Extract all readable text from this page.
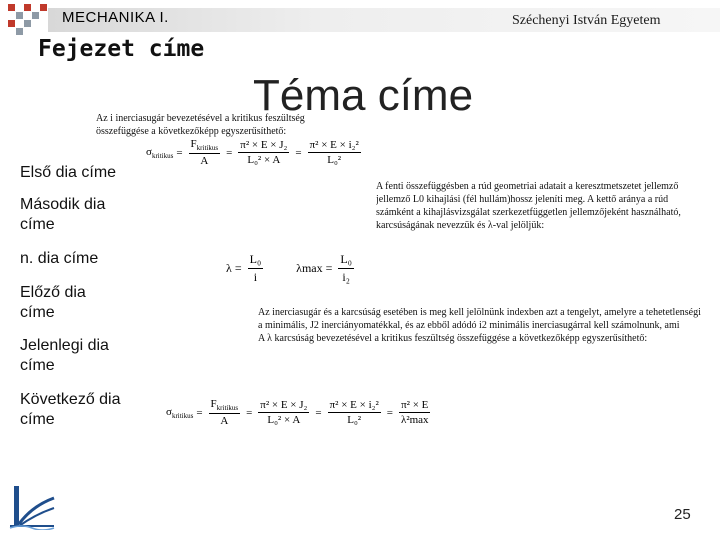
MECHANIKA I.	Széchenyi István Egyetem
Fejezet címe
Téma címe
Az i inerciasugár bevezetésével a kritikus feszültség
összefüggése a következőképp egyszerűsíthető:
$\sigma_{kritikus} = \frac{F_{kritikus}}{A} = \frac{\text{π² × E × J₂}}{\text{L₀² × A}} = \frac{\text{π² × E × i₂²}}{\text{L₀²}}$
Első dia címe
Második dia címe
n. dia címe
Előző dia címe
Jelenlegi dia címe
Következő dia címe
A fenti összefüggésben a rúd geometriai adatait a keresztmetszetet jellemző
jellemző L0 kihajlási (fél hullám)hossz jeleníti meg. A kettő aránya a rúd
számként a kihajlásvizsgálat szerkezetfüggetlen jellemzőjeként használható,
karcsúságának nevezzük és λ-val jelöljük:
$\lambda = \frac{\text{L₀}}{i}$	$\lambda\max = \frac{\text{L₀}}{\text{i₂}}$
Az inerciasugár és a karcsúság esetében is meg kell jelölnünk indexben azt a tengelyt, amelyre a tehetetlenségi
a minimális, J2 inerciányomatékkal, és az ebből adódó i2 minimális inerciasugárral kell számolnunk, ami
A λ karcsúság bevezetésével a kritikus feszültség összefüggése a következőképp egyszerűsíthető:
$\sigma_{kritikus} = \frac{F_{kritikus}}{A} = \frac{\text{π² × E × J₂}}{\text{L₀² × A}} = \frac{\text{π² × E × i₂²}}{\text{L₀²}} = \frac{\text{π² × E}}{\text{λ²max}}$
25
